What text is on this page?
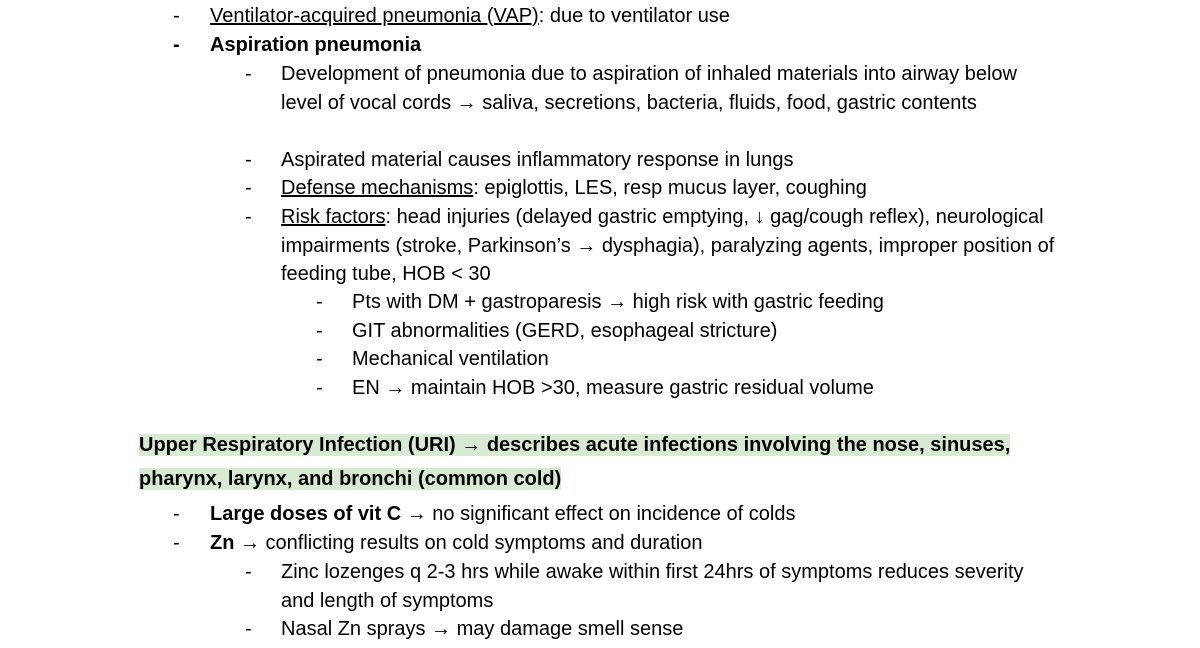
- Ventilator-acquired pneumonia (VAP): due to ventilator use
- Aspiration pneumonia
- Development of pneumonia due to aspiration of inhaled materials into airway below level of vocal cords → saliva, secretions, bacteria, fluids, food, gastric contents
- Aspirated material causes inflammatory response in lungs
- Defense mechanisms: epiglottis, LES, resp mucus layer, coughing
- Risk factors: head injuries (delayed gastric emptying, ↓ gag/cough reflex), neurological impairments (stroke, Parkinson’s → dysphagia), paralyzing agents, improper position of feeding tube, HOB < 30
- Pts with DM + gastroparesis → high risk with gastric feeding
- GIT abnormalities (GERD, esophageal stricture)
- Mechanical ventilation
- EN → maintain HOB >30, measure gastric residual volume
Upper Respiratory Infection (URI) → describes acute infections involving the nose, sinuses, pharynx, larynx, and bronchi (common cold)
- Large doses of vit C → no significant effect on incidence of colds
- Zn → conflicting results on cold symptoms and duration
- Zinc lozenges q 2-3 hrs while awake within first 24hrs of symptoms reduces severity and length of symptoms
- Nasal Zn sprays → may damage smell sense
